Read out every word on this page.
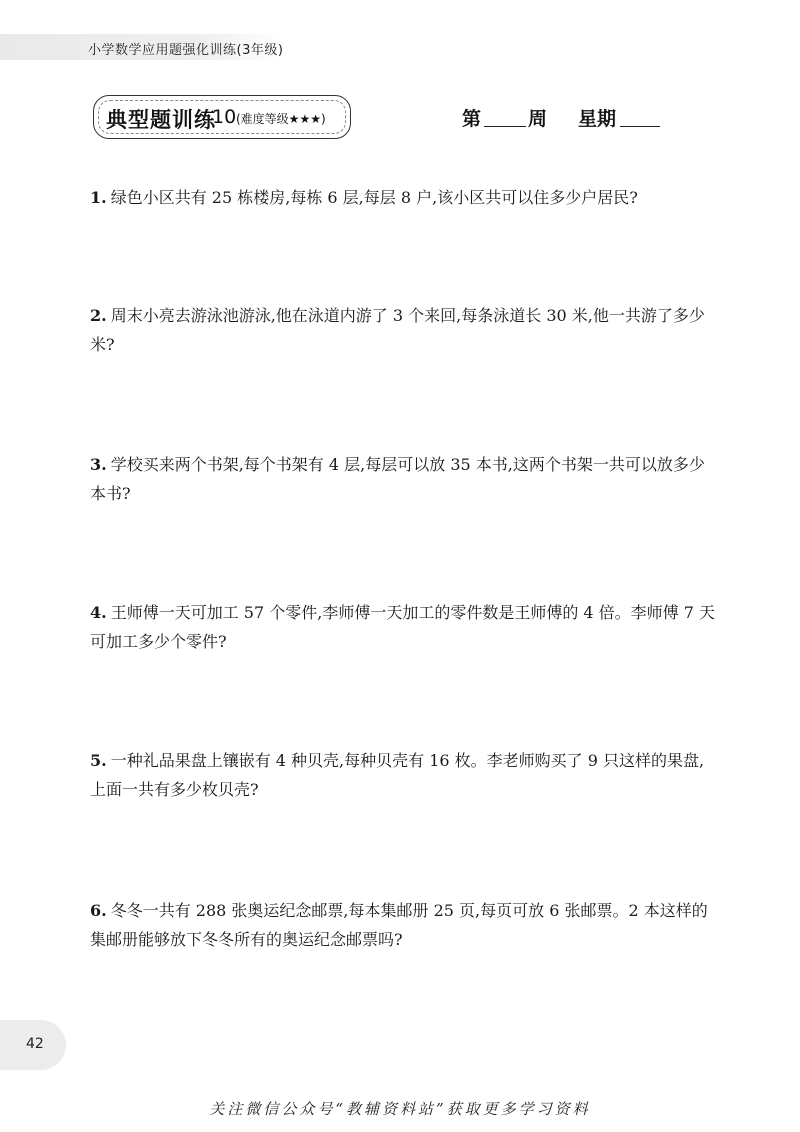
小学数学应用题强化训练(3年级)
典型题训练
10 (难度等级★★★)	第 周 星期
1. 绿色小区共有 25 栋楼房,每栋 6 层,每层 8 户,该小区共可以住多少户居民?
2. 周末小亮去游泳池游泳,他在泳道内游了 3 个来回,每条泳道长 30 米,他一共游了多少米?
3. 学校买来两个书架,每个书架有 4 层,每层可以放 35 本书,这两个书架一共可以放多少本书?
4. 王师傅一天可加工 57 个零件,李师傅一天加工的零件数是王师傅的 4 倍。李师傅 7 天可加工多少个零件?
5. 一种礼品果盘上镶嵌有 4 种贝壳,每种贝壳有 16 枚。李老师购买了 9 只这样的果盘,上面一共有多少枚贝壳?
6. 冬冬一共有 288 张奥运纪念邮票,每本集邮册 25 页,每页可放 6 张邮票。2 本这样的集邮册能够放下冬冬所有的奥运纪念邮票吗?
42
关注微信公众号“教辅资料站”获取更多学习资料
